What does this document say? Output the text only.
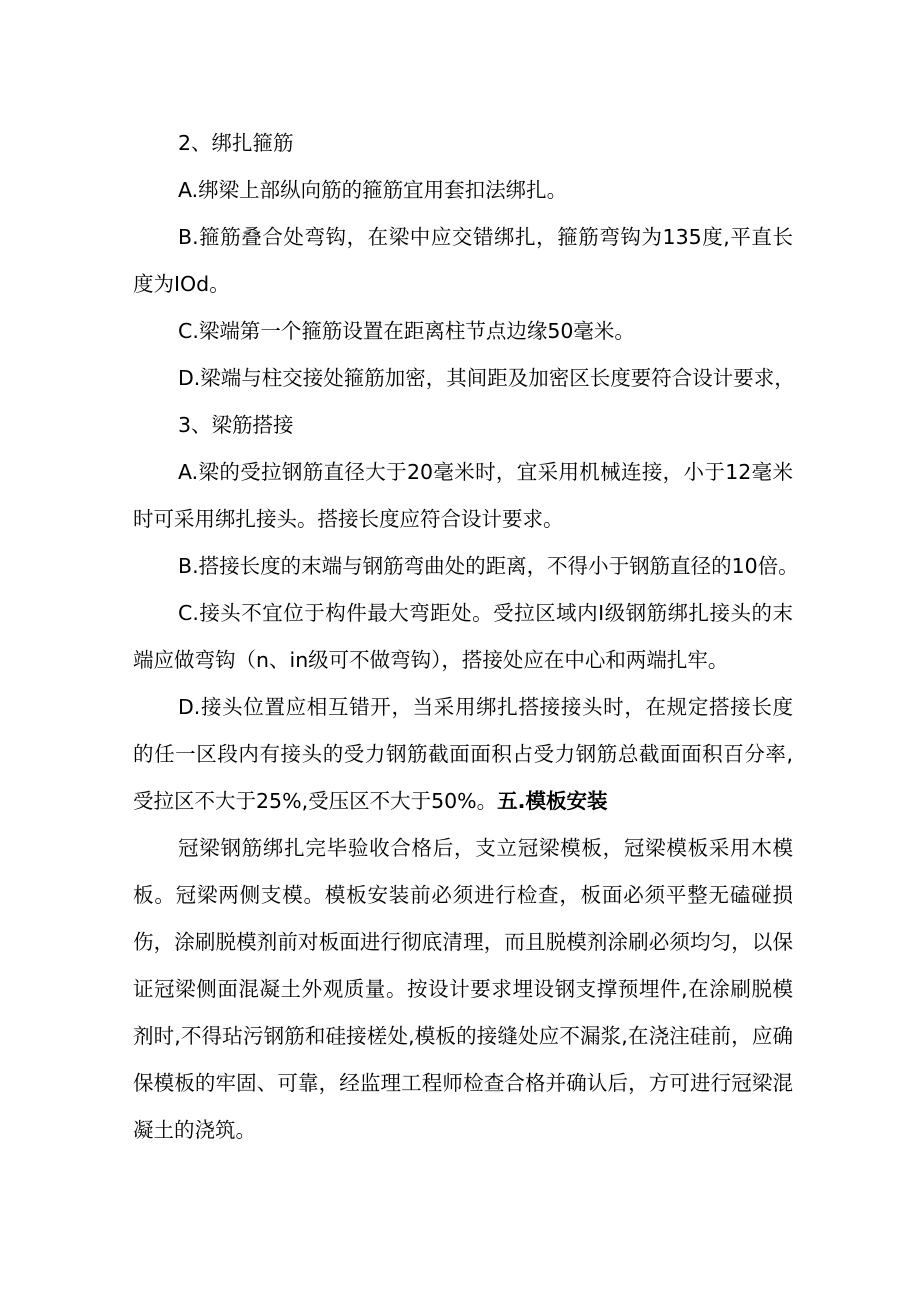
2、绑扎箍筋

A.绑梁上部纵向筋的箍筋宜用套扣法绑扎。

B.箍筋叠合处弯钩，在梁中应交错绑扎，箍筋弯钩为135度,平直长度为IOd。

C.梁端第一个箍筋设置在距离柱节点边缘50毫米。

D.梁端与柱交接处箍筋加密，其间距及加密区长度要符合设计要求，

3、梁筋搭接

A.梁的受拉钢筋直径大于20毫米时，宜采用机械连接，小于12毫米时可采用绑扎接头。搭接长度应符合设计要求。

B.搭接长度的末端与钢筋弯曲处的距离，不得小于钢筋直径的10倍。

C.接头不宜位于构件最大弯距处。受拉区域内I级钢筋绑扎接头的末端应做弯钩（n、in级可不做弯钩），搭接处应在中心和两端扎牢。

D.接头位置应相互错开，当采用绑扎搭接接头时，在规定搭接长度的任一区段内有接头的受力钢筋截面面积占受力钢筋总截面面积百分率,受拉区不大于25%,受压区不大于50%。五.模板安装

冠梁钢筋绑扎完毕验收合格后，支立冠梁模板，冠梁模板采用木模板。冠梁两侧支模。模板安装前必须进行检查，板面必须平整无磕碰损伤，涂刷脱模剂前对板面进行彻底清理，而且脱模剂涂刷必须均匀，以保证冠梁侧面混凝土外观质量。按设计要求埋设钢支撑预埋件,在涂刷脱模剂时,不得玷污钢筋和硅接槎处,模板的接缝处应不漏浆,在浇注硅前，应确保模板的牢固、可靠，经监理工程师检查合格并确认后，方可进行冠梁混凝土的浇筑。
